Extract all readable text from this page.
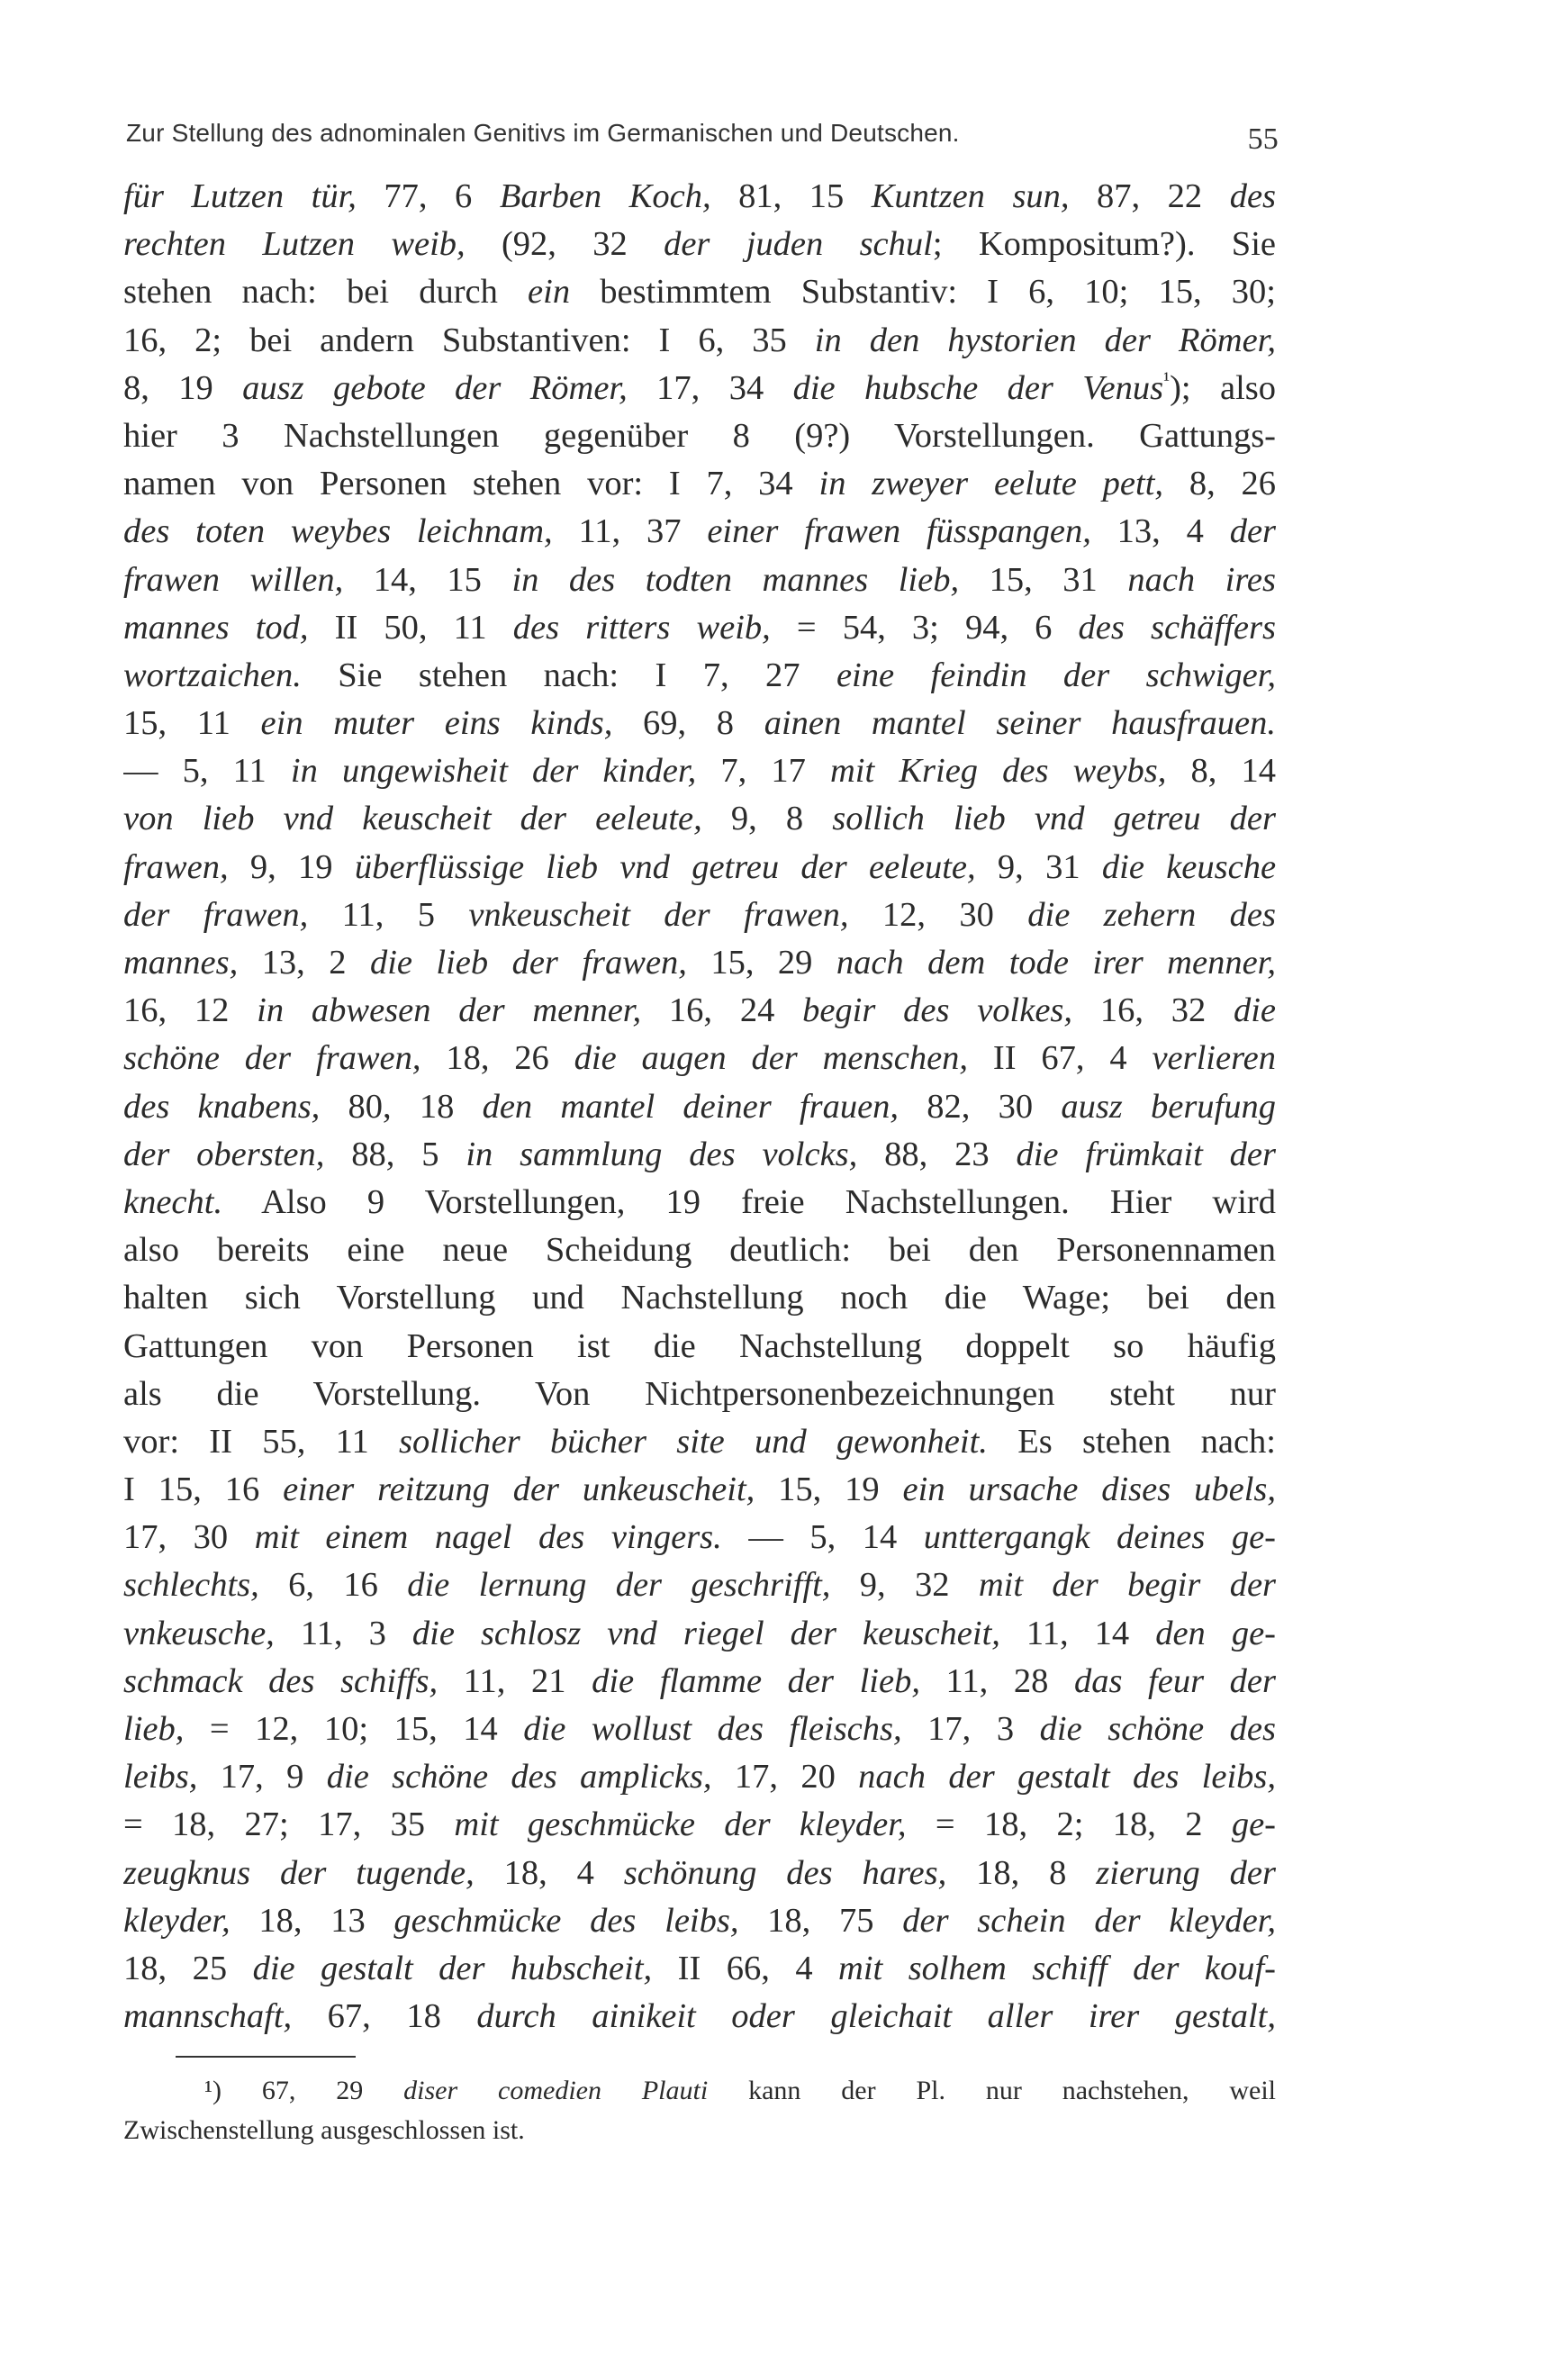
Zur Stellung des adnominalen Genitivs im Germanischen und Deutschen.	55
für Lutzen tür, 77, 6 Barben Koch, 81, 15 Kuntzen sun, 87, 22 des
rechten Lutzen weib, (92, 32 der juden schul; Kompositum?). Sie
stehen nach: bei durch ein bestimmtem Substantiv: I 6, 10; 15, 30;
16, 2; bei andern Substantiven: I 6, 35 in den hystorien der Römer,
8, 19 ausz gebote der Römer, 17, 34 die hubsche der Venus$^{^1}$); also
hier 3 Nachstellungen gegenüber 8 (9?) Vorstellungen. Gattungs-
namen von Personen stehen vor: I 7, 34 in zweyer eelute pett, 8, 26
des toten weybes leichnam, 11, 37 einer frawen füsspangen, 13, 4 der
frawen willen, 14, 15 in des todten mannes lieb, 15, 31 nach ires
mannes tod, II 50, 11 des ritters weib, = 54, 3; 94, 6 des schäffers
wortzaichen. Sie stehen nach: I 7, 27 eine feindin der schwiger,
15, 11 ein muter eins kinds, 69, 8 ainen mantel seiner hausfrauen.
— 5, 11 in ungewisheit der kinder, 7, 17 mit Krieg des weybs, 8, 14
von lieb vnd keuscheit der eeleute, 9, 8 sollich lieb vnd getreu der
frawen, 9, 19 überflüssige lieb vnd getreu der eeleute, 9, 31 die keusche
der frawen, 11, 5 vnkeuscheit der frawen, 12, 30 die zehern des
mannes, 13, 2 die lieb der frawen, 15, 29 nach dem tode irer menner,
16, 12 in abwesen der menner, 16, 24 begir des volkes, 16, 32 die
schöne der frawen, 18, 26 die augen der menschen, II 67, 4 verlieren
des knabens, 80, 18 den mantel deiner frauen, 82, 30 ausz berufung
der obersten, 88, 5 in sammlung des volcks, 88, 23 die frümkait der
knecht. Also 9 Vorstellungen, 19 freie Nachstellungen. Hier wird
also bereits eine neue Scheidung deutlich: bei den Personennamen
halten sich Vorstellung und Nachstellung noch die Wage; bei den
Gattungen von Personen ist die Nachstellung doppelt so häufig
als die Vorstellung. Von Nichtpersonenbezeichnungen steht nur
vor: II 55, 11 sollicher bücher site und gewonheit. Es stehen nach:
I 15, 16 einer reitzung der unkeuscheit, 15, 19 ein ursache dises ubels,
17, 30 mit einem nagel des vingers. — 5, 14 unttergangk deines ge-
schlechts, 6, 16 die lernung der geschrifft, 9, 32 mit der begir der
vnkeusche, 11, 3 die schlosz vnd riegel der keuscheit, 11, 14 den ge-
schmack des schiffs, 11, 21 die flamme der lieb, 11, 28 das feur der
lieb, = 12, 10; 15, 14 die wollust des fleischs, 17, 3 die schöne des
leibs, 17, 9 die schöne des amplicks, 17, 20 nach der gestalt des leibs,
= 18, 27; 17, 35 mit geschmücke der kleyder, = 18, 2; 18, 2 ge-
zeugknus der tugende, 18, 4 schönung des hares, 18, 8 zierung der
kleyder, 18, 13 geschmücke des leibs, 18, 75 der schein der kleyder,
18, 25 die gestalt der hubscheit, II 66, 4 mit solhem schiff der kouf-
mannschaft, 67, 18 durch ainikeit oder gleichait aller irer gestalt,
¹) 67, 29 diser comedien Plauti kann der Pl. nur nachstehen, weil
Zwischenstellung ausgeschlossen ist.
